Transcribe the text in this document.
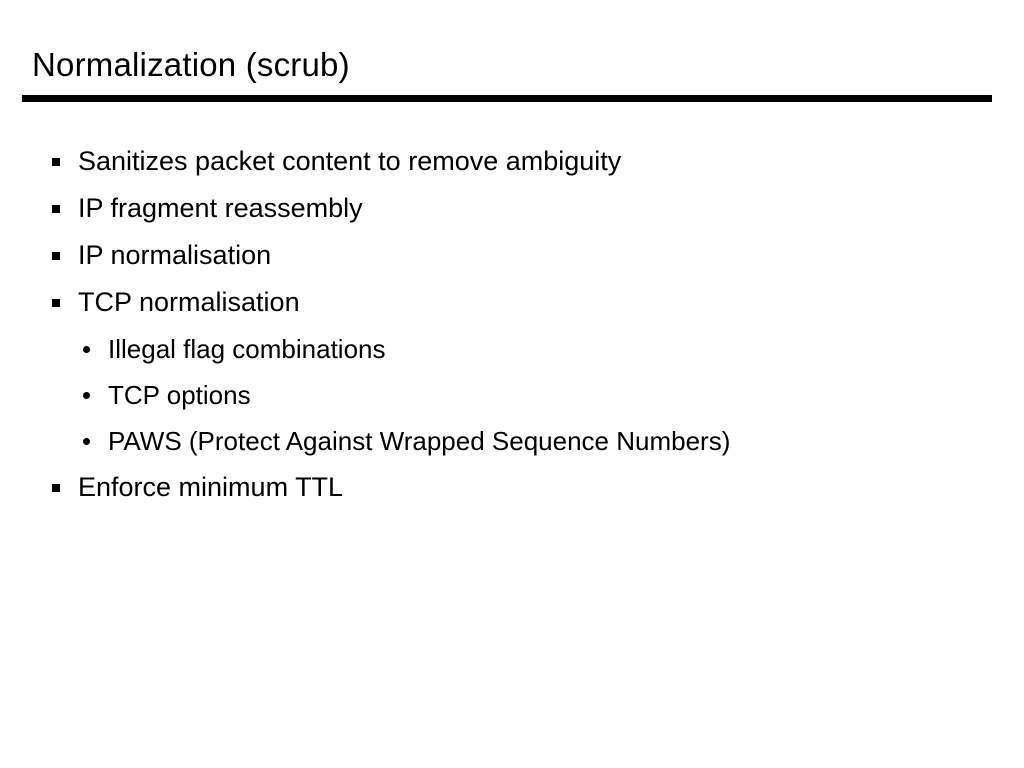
Normalization (scrub)
Sanitizes packet content to remove ambiguity
IP fragment reassembly
IP normalisation
TCP normalisation
Illegal flag combinations
TCP options
PAWS (Protect Against Wrapped Sequence Numbers)
Enforce minimum TTL
